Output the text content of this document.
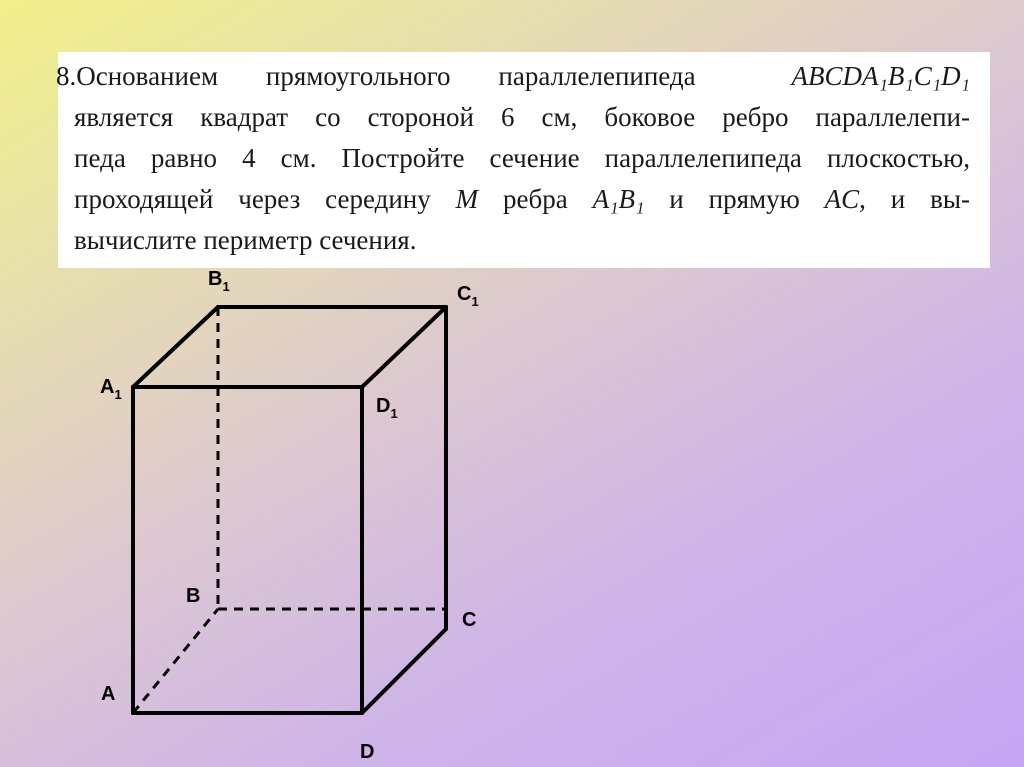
8.Основанием прямоугольного параллелепипеда	ABCDA₁B₁C₁D₁
является квадрат со стороной 6 см, боковое ребро параллелепи-
педа равно 4 см. Постройте сечение параллелепипеда плоскостью,
проходящей через середину M ребра A₁B₁ и прямую AC, и вы-
вычислите периметр сечения.
$B_1$	$C_1$
$A_1$
$D_1$
B
C
A
D
